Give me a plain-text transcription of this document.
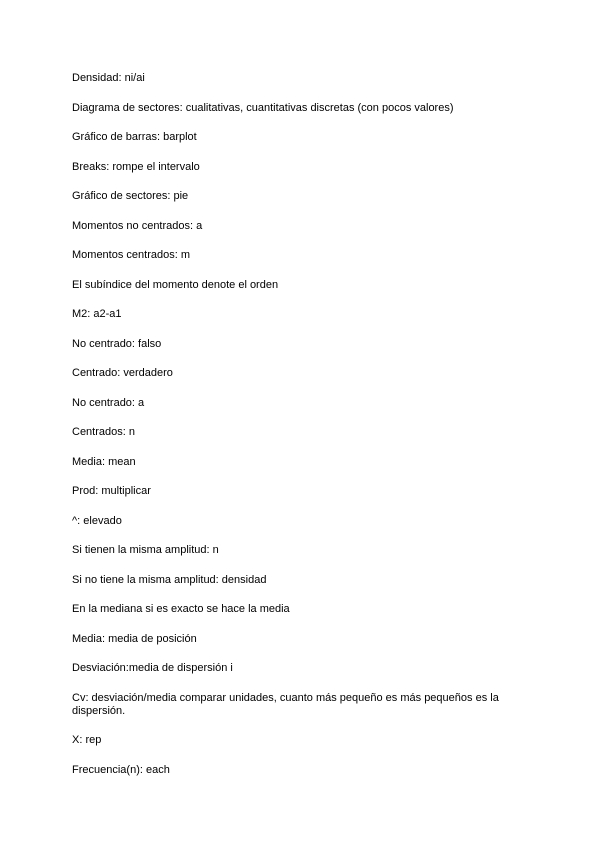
Densidad: ni/ai

Diagrama de sectores: cualitativas, cuantitativas discretas (con pocos valores)

Gráfico de barras: barplot

Breaks: rompe el intervalo

Gráfico de sectores: pie

Momentos no centrados: a

Momentos centrados: m

El subíndice del momento denote el orden

M2: a2-a1

No centrado: falso

Centrado: verdadero

No centrado: a

Centrados: n

Media: mean

Prod: multiplicar

^: elevado

Si tienen la misma amplitud: n

Si no tiene la misma amplitud: densidad

En la mediana si es exacto se hace la media

Media: media de posición

Desviación:media de dispersión i

Cv: desviación/media comparar unidades, cuanto más pequeño es más pequeños es la dispersión.

X: rep

Frecuencia(n): each
